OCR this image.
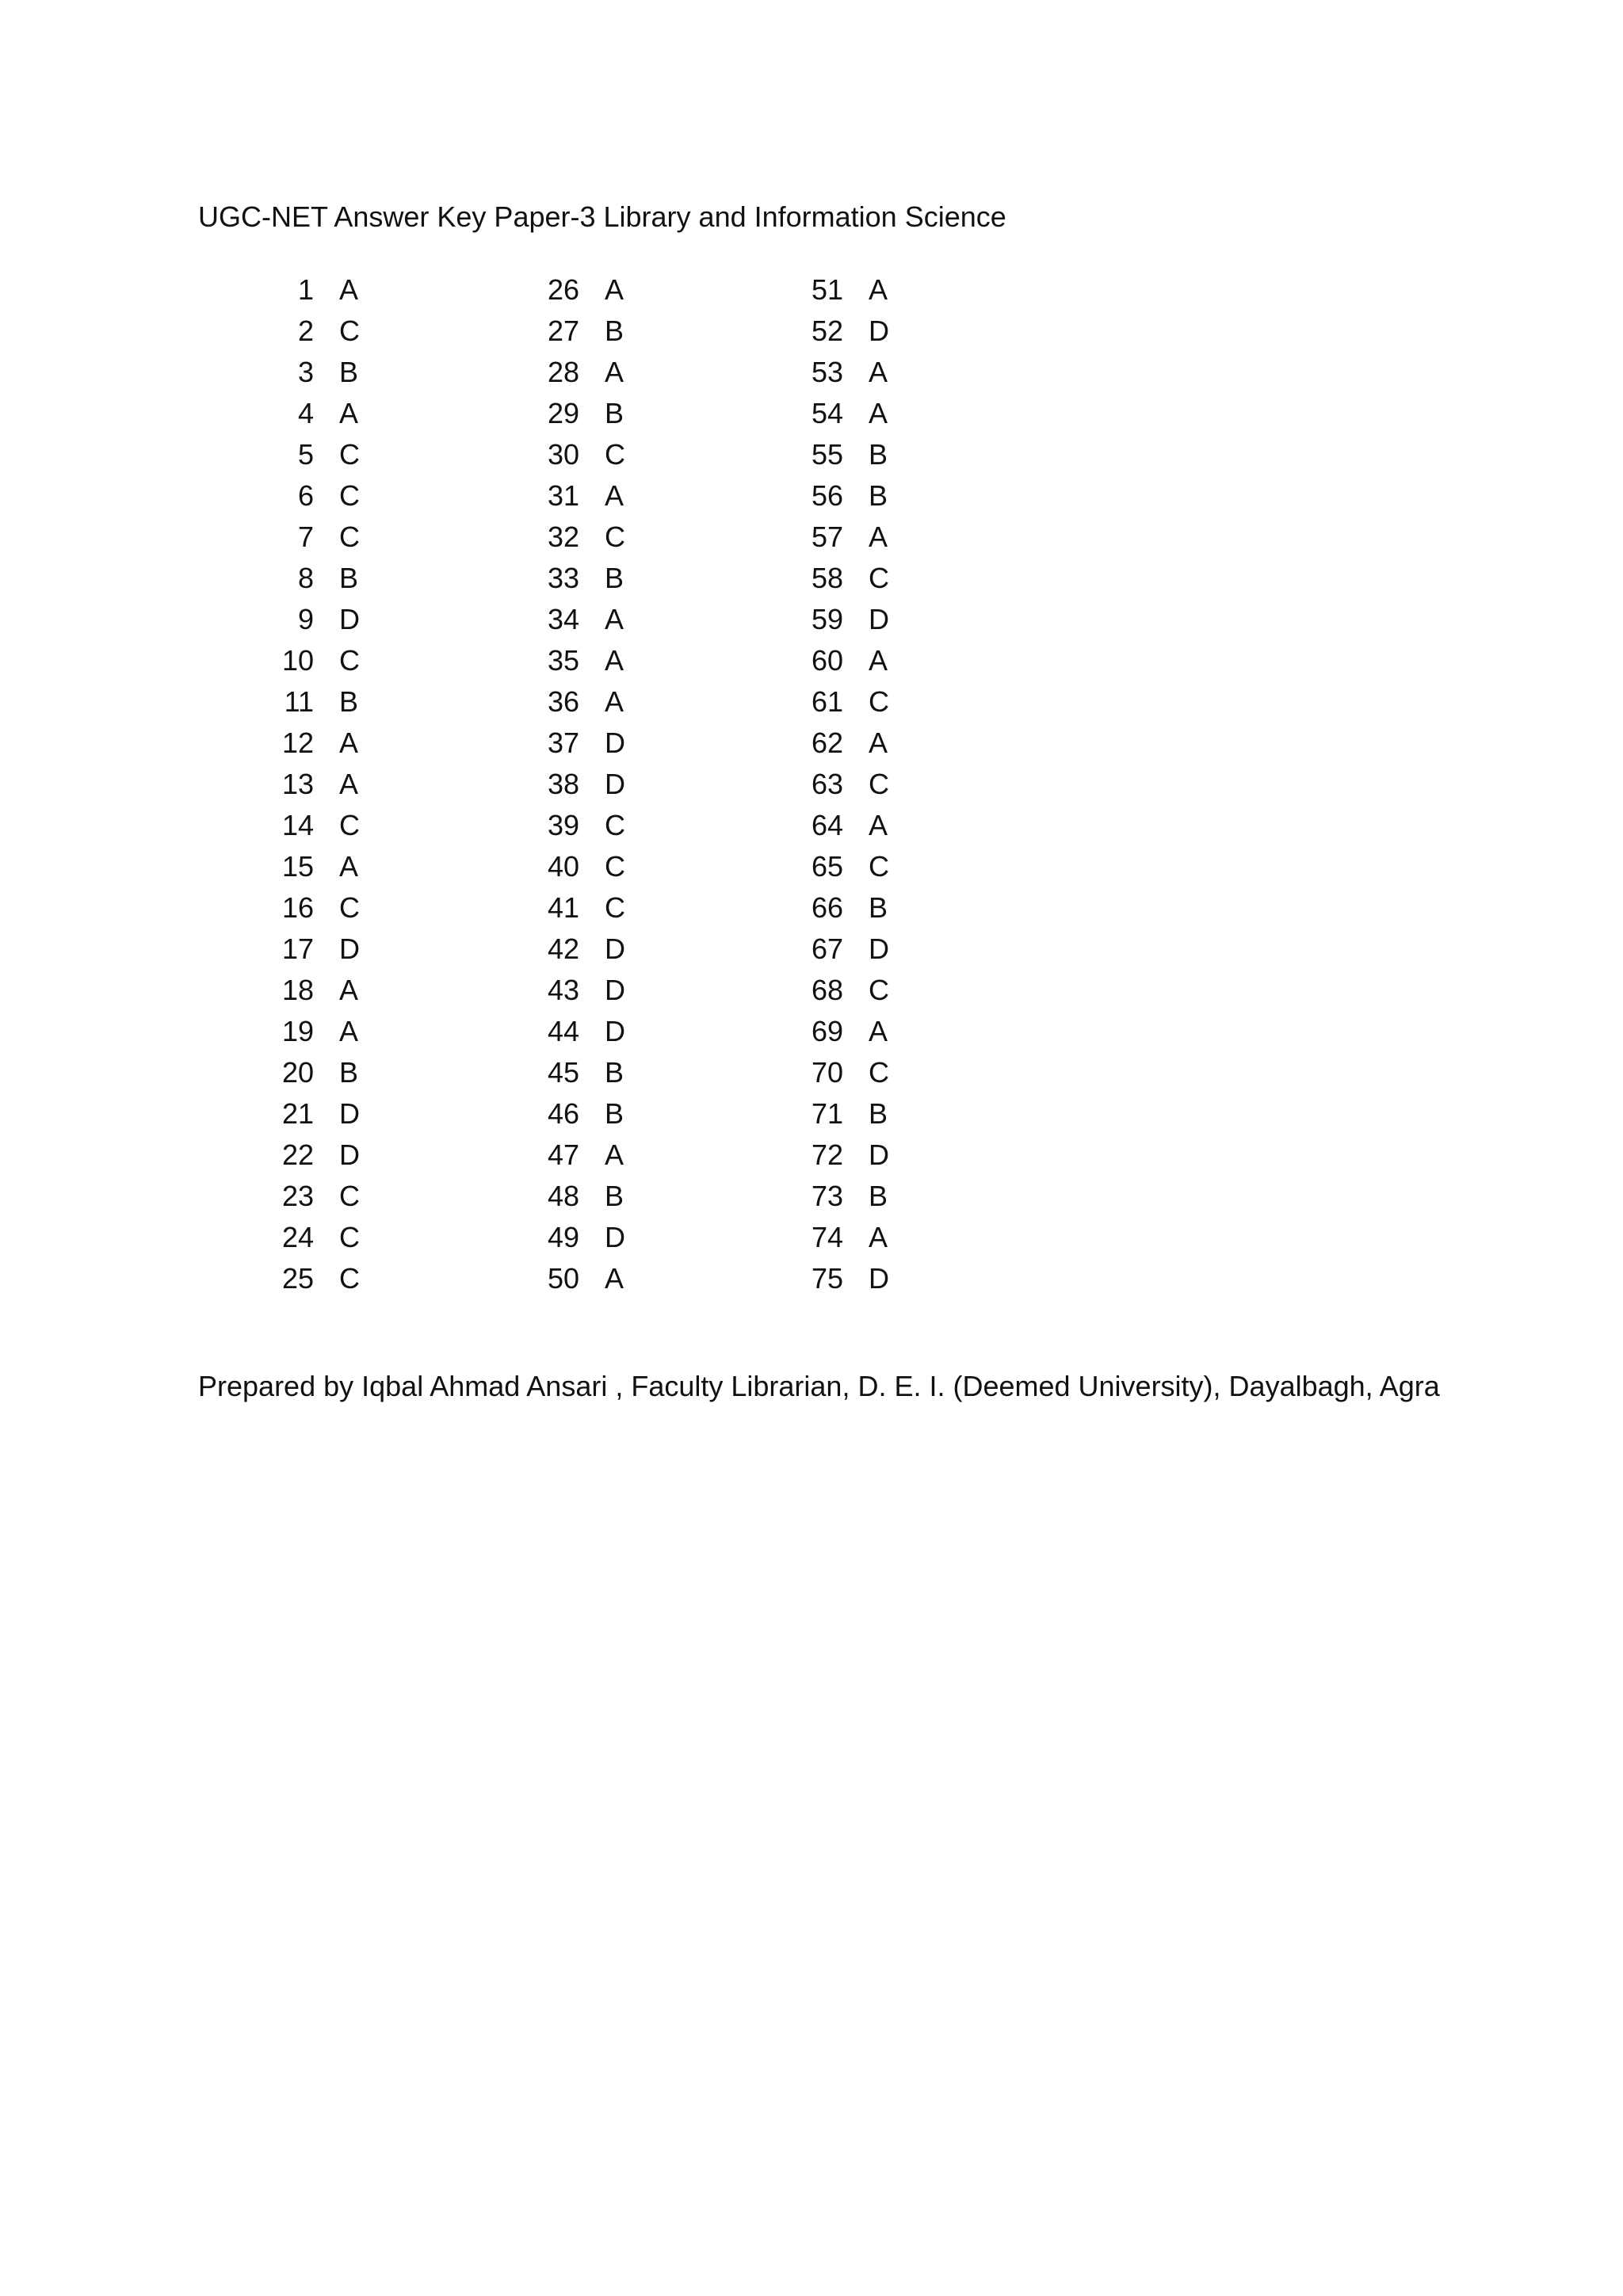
UGC-NET Answer Key Paper-3 Library and Information Science
1 A
2 C
3 B
4 A
5 C
6 C
7 C
8 B
9 D
10 C
11 B
12 A
13 A
14 C
15 A
16 C
17 D
18 A
19 A
20 B
21 D
22 D
23 C
24 C
25 C
26 A
27 B
28 A
29 B
30 C
31 A
32 C
33 B
34 A
35 A
36 A
37 D
38 D
39 C
40 C
41 C
42 D
43 D
44 D
45 B
46 B
47 A
48 B
49 D
50 A
51 A
52 D
53 A
54 A
55 B
56 B
57 A
58 C
59 D
60 A
61 C
62 A
63 C
64 A
65 C
66 B
67 D
68 C
69 A
70 C
71 B
72 D
73 B
74 A
75 D
Prepared by Iqbal Ahmad Ansari , Faculty Librarian, D. E. I. (Deemed University), Dayalbagh, Agra
